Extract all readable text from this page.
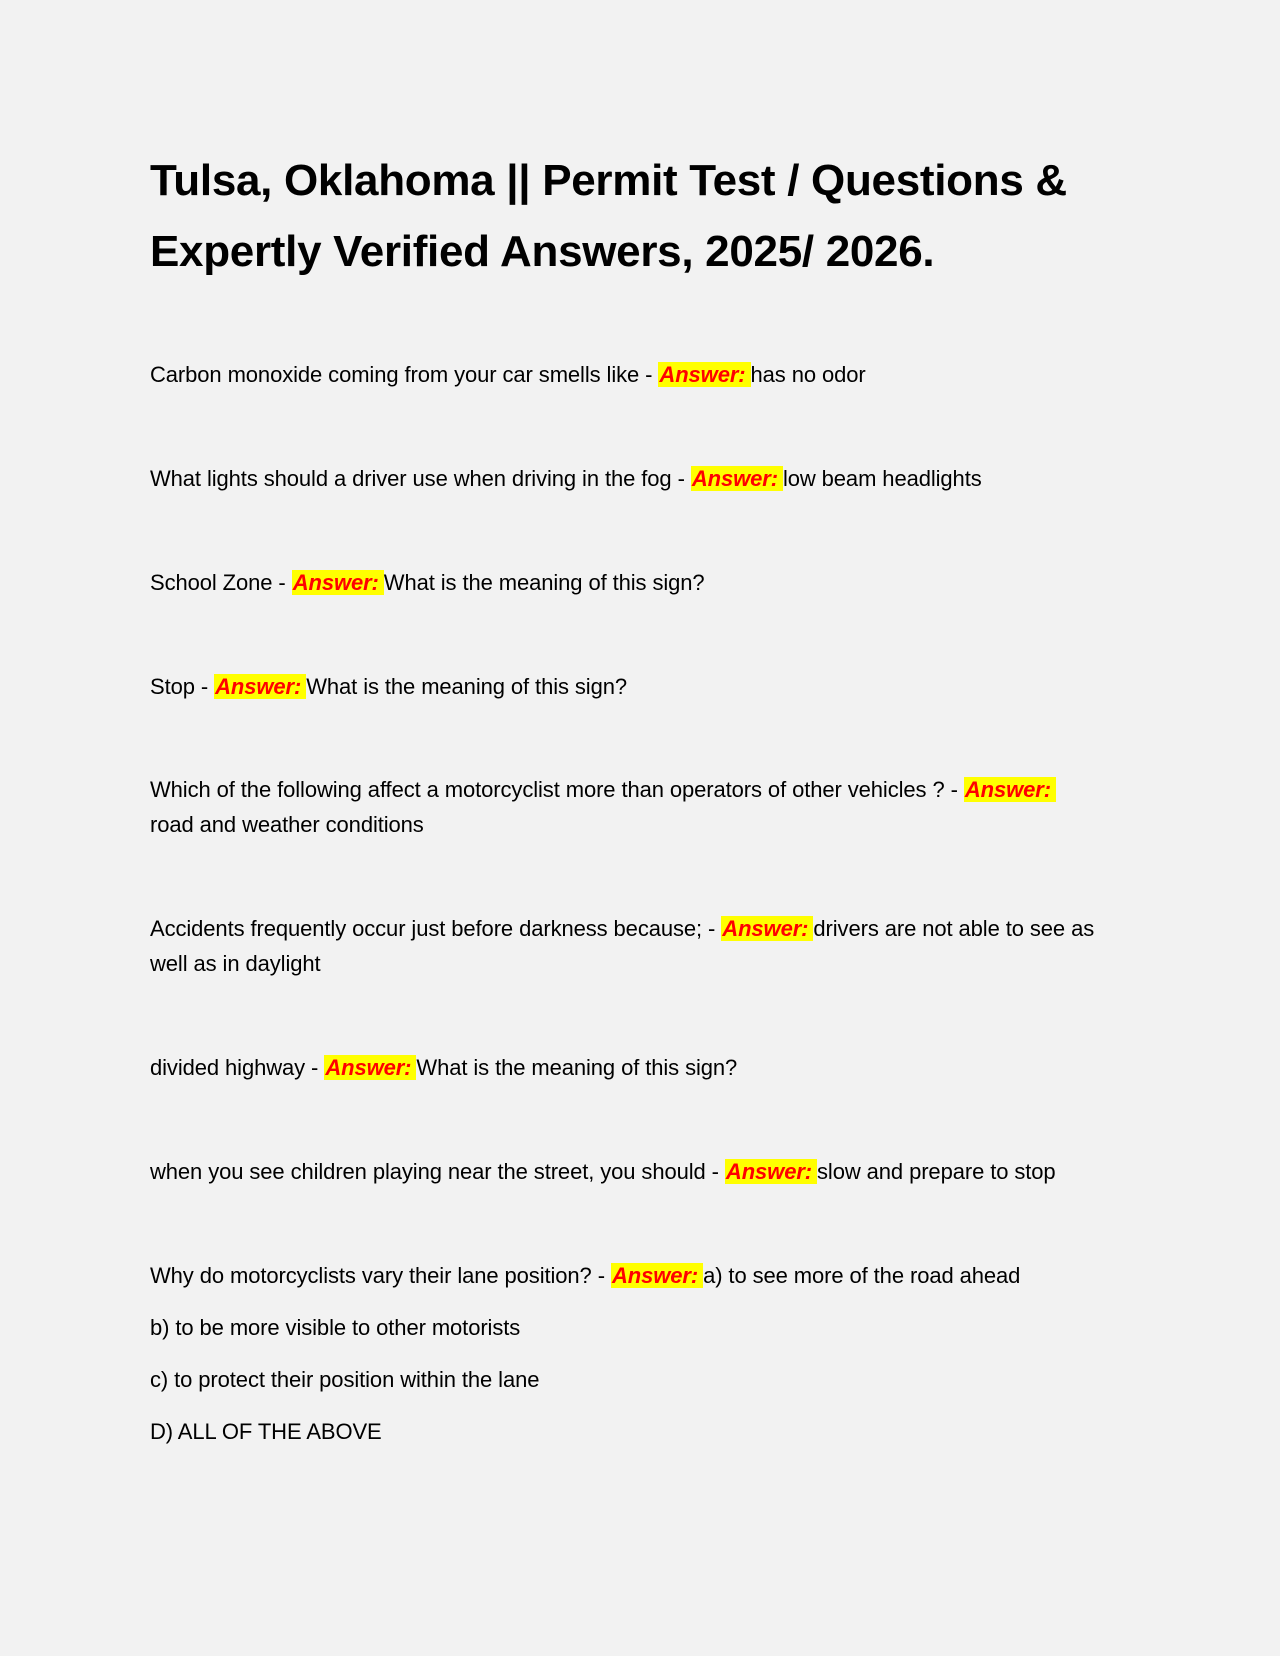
Tulsa, Oklahoma || Permit Test / Questions & Expertly Verified Answers, 2025/ 2026.

Carbon monoxide coming from your car smells like - Answer: has no odor

What lights should a driver use when driving in the fog - Answer: low beam headlights

School Zone - Answer: What is the meaning of this sign?

Stop - Answer: What is the meaning of this sign?

Which of the following affect a motorcyclist more than operators of other vehicles ? - Answer:
road and weather conditions

Accidents frequently occur just before darkness because; - Answer: drivers are not able to see as well as in daylight

divided highway - Answer: What is the meaning of this sign?

when you see children playing near the street, you should - Answer: slow and prepare to stop

Why do motorcyclists vary their lane position? - Answer: a) to see more of the road ahead

b) to be more visible to other motorists

c) to protect their position within the lane

D) ALL OF THE ABOVE
